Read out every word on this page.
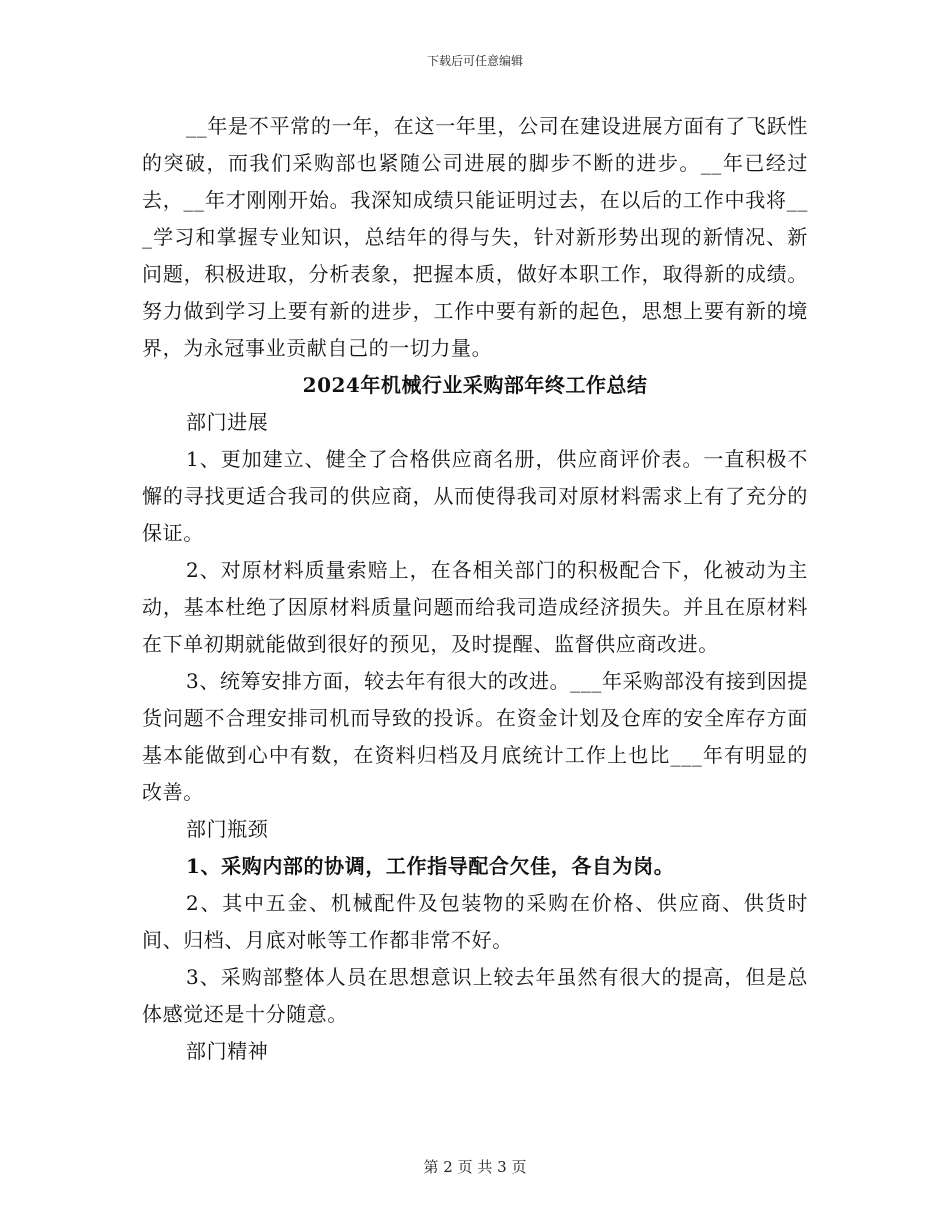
下载后可任意编辑

__年是不平常的一年，在这一年里，公司在建设进展方面有了飞跃性的突破，而我们采购部也紧随公司进展的脚步不断的进步。__年已经过去，__年才刚刚开始。我深知成绩只能证明过去，在以后的工作中我将___学习和掌握专业知识，总结年的得与失，针对新形势出现的新情况、新问题，积极进取，分析表象，把握本质，做好本职工作，取得新的成绩。努力做到学习上要有新的进步，工作中要有新的起色，思想上要有新的境界，为永冠事业贡献自己的一切力量。

2024年机械行业采购部年终工作总结

部门进展

1、更加建立、健全了合格供应商名册，供应商评价表。一直积极不懈的寻找更适合我司的供应商，从而使得我司对原材料需求上有了充分的保证。

2、对原材料质量索赔上，在各相关部门的积极配合下，化被动为主动，基本杜绝了因原材料质量问题而给我司造成经济损失。并且在原材料在下单初期就能做到很好的预见，及时提醒、监督供应商改进。

3、统筹安排方面，较去年有很大的改进。___年采购部没有接到因提货问题不合理安排司机而导致的投诉。在资金计划及仓库的安全库存方面基本能做到心中有数，在资料归档及月底统计工作上也比___年有明显的改善。

部门瓶颈

1、采购内部的协调，工作指导配合欠佳，各自为岗。

2、其中五金、机械配件及包装物的采购在价格、供应商、供货时间、归档、月底对帐等工作都非常不好。

3、采购部整体人员在思想意识上较去年虽然有很大的提高，但是总体感觉还是十分随意。

部门精神

第 2 页 共 3 页
